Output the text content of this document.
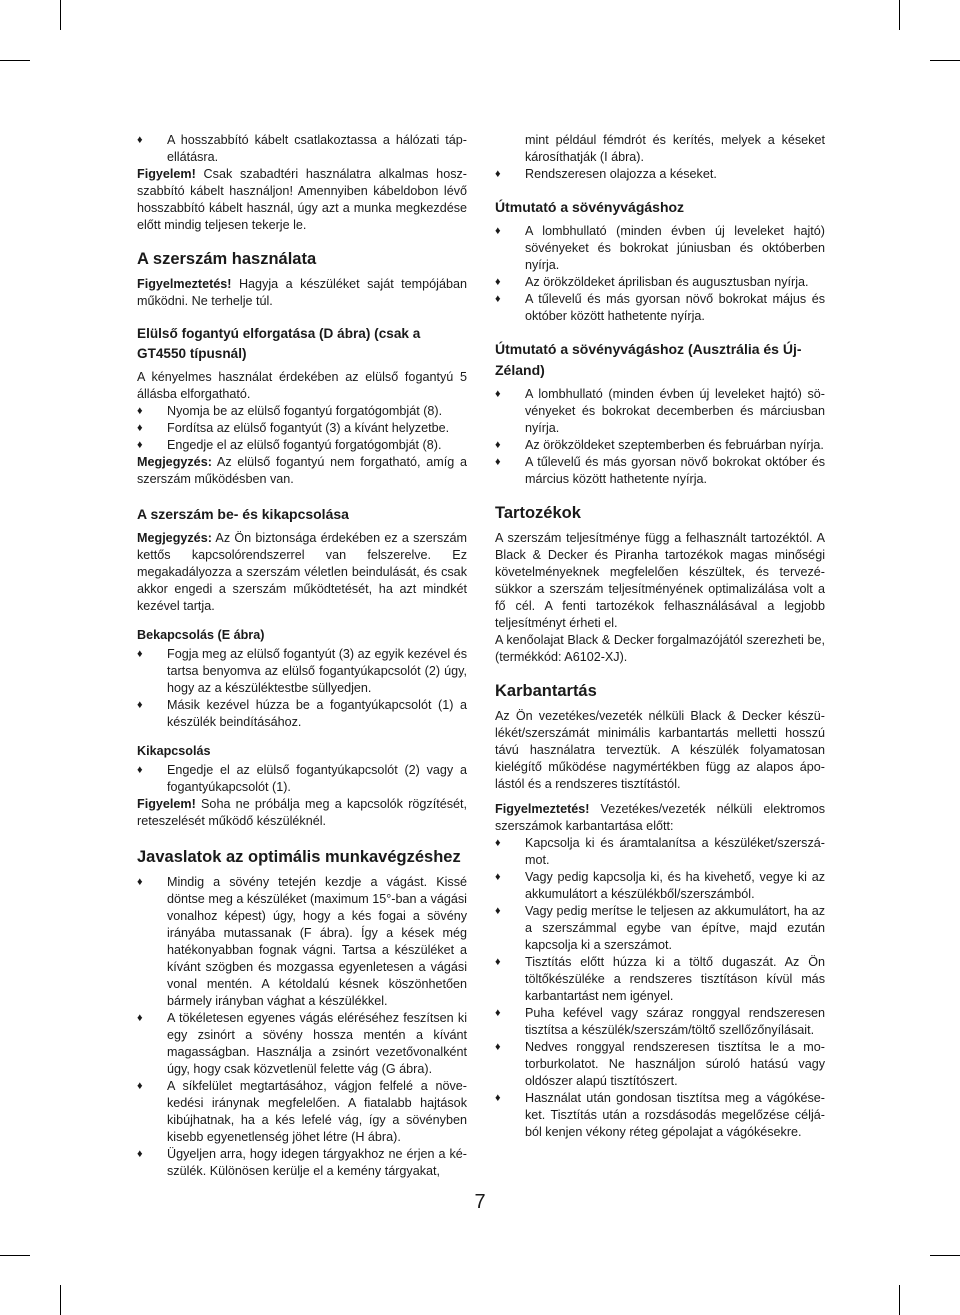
♦ A hosszabbító kábelt csatlakoztassa a hálózati tápellátásra.

Figyelem! Csak szabadtéri használatra alkalmas hoszszabbító kábelt használjon! Amennyiben kábeldobon lévő hosszabbító kábelt használ, úgy azt a munka megkezdése előtt mindig teljesen tekerje le.

A szerszám használata

Figyelmeztetés! Hagyja a készüléket saját tempójában működni. Ne terhelje túl.

Elülső fogantyú elforgatása (D ábra) (csak a GT4550 típusnál)

A kényelmes használat érdekében az elülső fogantyú 5 állásba elforgatható.

♦ Nyomja be az elülső fogantyú forgatógombját (8).
♦ Fordítsa az elülső fogantyút (3) a kívánt helyzetbe.
♦ Engedje el az elülső fogantyú forgatógombját (8).

Megjegyzés: Az elülső fogantyú nem forgatható, amíg a szerszám működésben van.

A szerszám be- és kikapcsolása

Megjegyzés: Az Ön biztonsága érdekében ez a szerszám kettős kapcsolórendszerrel van felszerelve. Ez megakadályozza a szerszám véletlen beindulását, és csak akkor engedi a szerszám működtetését, ha azt mindkét kezével tartja.

Bekapcsolás (E ábra)
♦ Fogja meg az elülső fogantyút (3) az egyik kezével és tartsa benyomva az elülső fogantyúkapcsolót (2) úgy, hogy az a készüléktestbe süllyedjen.
♦ Másik kezével húzza be a fogantyúkapcsolót (1) a készülék beindításához.
Kikapcsolás
♦ Engedje el az elülső fogantyúkapcsolót (2) vagy a fogantyúkapcsolót (1).

Figyelem! Soha ne próbálja meg a kapcsolók rögzítését, reteszelését működő készüléknél.

Javaslatok az optimális munkavégzéshez
♦ Mindig a sövény tetején kezdje a vágást. Kissé döntse meg a készüléket (maximum 15°-ban a vágási vonalhoz képest) úgy, hogy a kés fogai a sövény irányába mutassanak (F ábra). Így a kések még hatékonyabban fognak vágni. Tartsa a készüléket a kívánt szögben és mozgassa egyenletesen a vágási vonal mentén. A kétoldalú késnek köszönhetően bármely irányban vághat a készülékkel.
♦ A tökéletesen egyenes vágás eléréséhez feszítsen ki egy zsinórt a sövény hossza mentén a kívánt magasságban. Használja a zsinórt vezetővonalként úgy, hogy csak közvetlenül felette vág (G ábra).
♦ A síkfelület megtartásához, vágjon felfelé a növekedési iránynak megfelelően. A fiatalabb hajtások kibújhatnak, ha a kés lefelé vág, így a sövényben kisebb egyenetlenség jöhet létre (H ábra).
♦ Ügyeljen arra, hogy idegen tárgyakhoz ne érjen a készülék. Különösen kerülje el a kemény tárgyakat,

mint például fémdrót és kerítés, melyek a késeket károsíthatják (I ábra).

♦ Rendszeresen olajozza a késeket.
Útmutató a sövényvágáshoz
♦ A lombhullató (minden évben új leveleket hajtó) sövényeket és bokrokat júniusban és októberben nyírja.
♦ Az örökzöldeket áprilisban és augusztusban nyírja.
♦ A tűlevelű és más gyorsan növő bokrokat május és október között hathetente nyírja.
Útmutató a sövényvágáshoz (Ausztrália és Új-Zéland)
♦ A lombhullató (minden évben új leveleket hajtó) sövényeket és bokrokat decemberben és márciusban nyírja.
♦ Az örökzöldeket szeptemberben és februárban nyírja.
♦ A tűlevelű és más gyorsan növő bokrokat október és március között hathetente nyírja.
Tartozékok

A szerszám teljesítménye függ a felhasznált tartozéktól. A Black & Decker és Piranha tartozékok magas minőségi követelményeknek megfelelően készültek, és tervezésükkor a szerszám teljesítményének optimalizálása volt a fő cél. A fenti tartozékok felhasználásával a legjobb teljesítményt érheti el.

A kenőolajat Black & Decker forgalmazójától szerezheti be, (termékkód: A6102-XJ).

Karbantartás

Az Ön vezetékes/vezeték nélküli Black & Decker készülékét/szerszámát minimális karbantartás melletti hosszú távú használatra terveztük. A készülék folyamatosan kielégítő működése nagymértékben függ az alapos ápolástól és a rendszeres tisztítástól.

Figyelmeztetés! Vezetékes/vezeték nélküli elektromos szerszámok karbantartása előtt:

♦ Kapcsolja ki és áramtalanítsa a készüléket/szerszámot.
♦ Vagy pedig kapcsolja ki, és ha kivehető, vegye ki az akkumulátort a készülékből/szerszámból.
♦ Vagy pedig merítse le teljesen az akkumulátort, ha az a szerszámmal egybe van építve, majd ezután kapcsolja ki a szerszámot.
♦ Tisztítás előtt húzza ki a töltő dugaszát. Az Ön töltőkészüléke a rendszeres tisztításon kívül más karbantartást nem igényel.
♦ Puha kefével vagy száraz ronggyal rendszeresen tisztítsa a készülék/szerszám/töltő szellőzőnyílásait.
♦ Nedves ronggyal rendszeresen tisztítsa le a motorburkolatot. Ne használjon súroló hatású vagy oldószer alapú tisztítószert.
♦ Használat után gondosan tisztítsa meg a vágókéseket. Tisztítás után a rozsdásodás megelőzése céljából kenjen vékony réteg gépolajat a vágókésekre.
7
